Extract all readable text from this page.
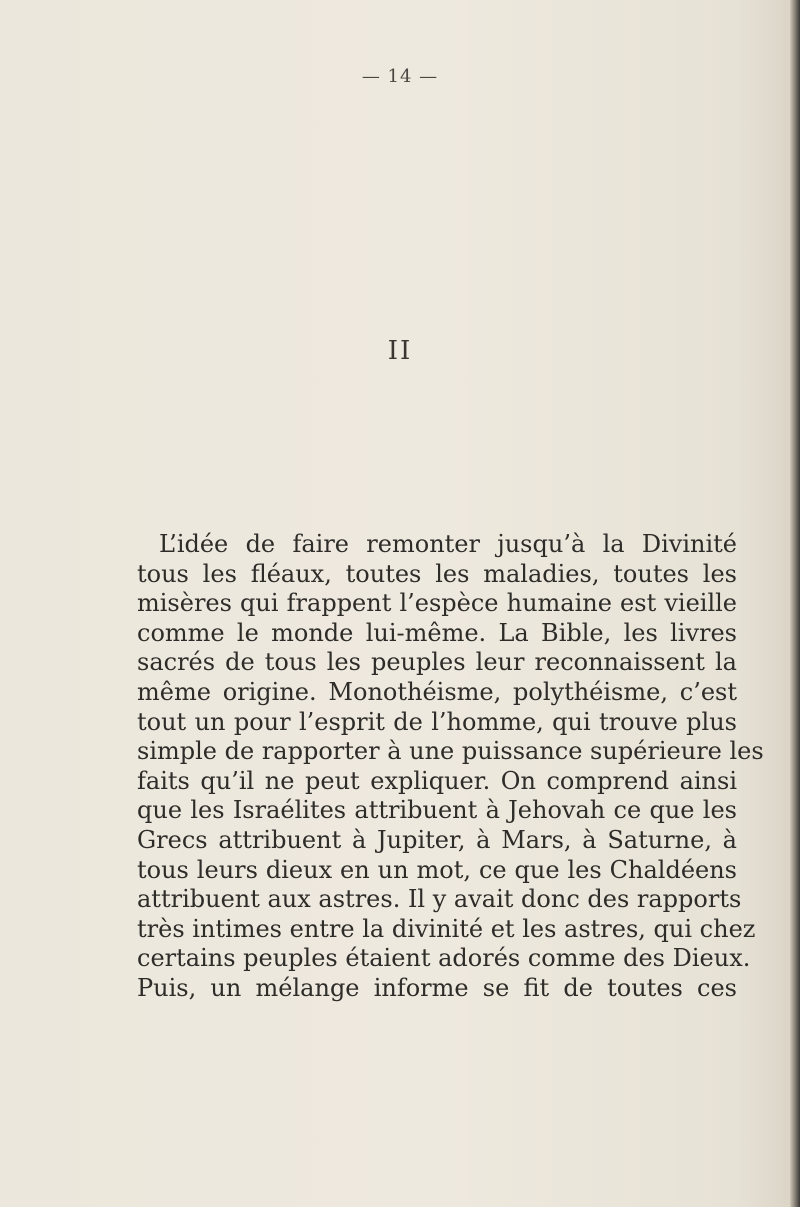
— 14 —
II
L’idée de faire remonter jusqu’à la Divinité
tous les fléaux, toutes les maladies, toutes les
misères qui frappent l’espèce humaine est vieille
comme le monde lui-même. La Bible, les livres
sacrés de tous les peuples leur reconnaissent la
même origine. Monothéisme, polythéisme, c’est
tout un pour l’esprit de l’homme, qui trouve plus
simple de rapporter à une puissance supérieure les
faits qu’il ne peut expliquer. On comprend ainsi
que les Israélites attribuent à Jehovah ce que les
Grecs attribuent à Jupiter, à Mars, à Saturne, à
tous leurs dieux en un mot, ce que les Chaldéens
attribuent aux astres. Il y avait donc des rapports
très intimes entre la divinité et les astres, qui chez
certains peuples étaient adorés comme des Dieux.
Puis, un mélange informe se fit de toutes ces
